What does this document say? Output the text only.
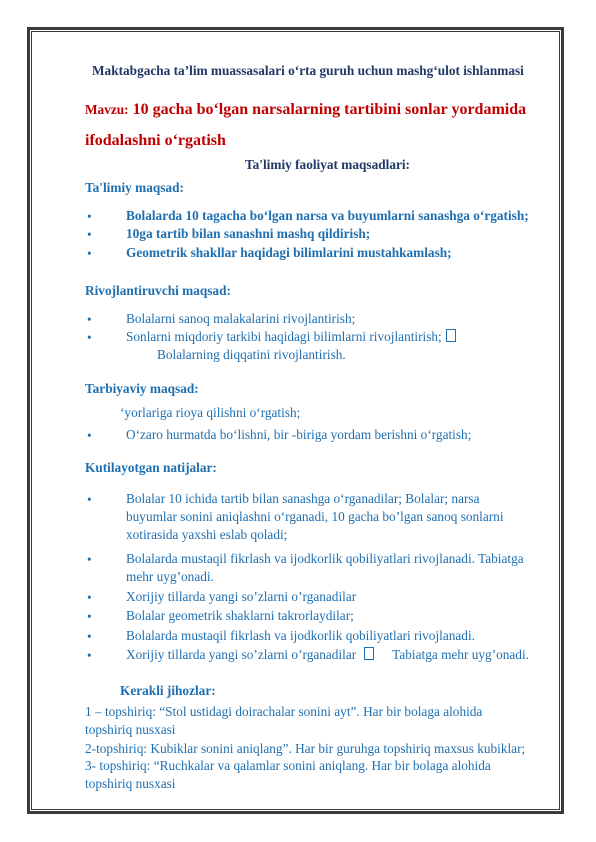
Maktabgacha ta’lim muassasalari o‘rta guruh uchun mashg‘ulot ishlanmasi
Mavzu: 10 gacha bo‘lgan narsalarning tartibini sonlar yordamida
ifodalashni o‘rgatish
Ta'limiy faoliyat maqsadlari:
Ta'limiy maqsad:
•	Bolalarda 10 tagacha bo‘lgan narsa va buyumlarni sanashga o‘rgatish;
•	10ga tartib bilan sanashni mashq qildirish;
•	Geometrik shakllar haqidagi bilimlarini mustahkamlash;
Rivojlantiruvchi maqsad:
•	Bolalarni sanoq malakalarini rivojlantirish;
•	Sonlarni miqdoriy tarkibi haqidagi bilimlarni rivojlantirish;
Bolalarning diqqatini rivojlantirish.
Tarbiyaviy maqsad:
‘yorlariga rioya qilishni o‘rgatish;
•	O‘zaro hurmatda bo‘lishni, bir -biriga yordam berishni o‘rgatish;
Kutilayotgan natijalar:
•	Bolalar 10 ichida tartib bilan sanashga o‘rganadilar; Bolalar; narsa
buyumlar sonini aniqlashni o‘rganadi, 10 gacha bo’lgan sanoq sonlarni
xotirasida yaxshi eslab qoladi;
•	Bolalarda mustaqil fikrlash va ijodkorlik qobiliyatlari rivojlanadi. Tabiatga
mehr uyg’onadi.
•	Xorijiy tillarda yangi so’zlarni o’rganadilar
•	Bolalar geometrik shaklarni takrorlaydilar;
•	Bolalarda mustaqil fikrlash va ijodkorlik qobiliyatlari rivojlanadi.
•	Xorijiy tillarda yangi so’zlarni o’rganadilar	Tabiatga mehr uyg’onadi.
Kerakli jihozlar:
1 – topshiriq: “Stol ustidagi doirachalar sonini ayt”. Har bir bolaga alohida
topshiriq nusxasi
2-topshiriq: Kubiklar sonini aniqlang”. Har bir guruhga topshiriq maxsus kubiklar;
3- topshiriq: “Ruchkalar va qalamlar sonini aniqlang. Har bir bolaga alohida
topshiriq nusxasi
